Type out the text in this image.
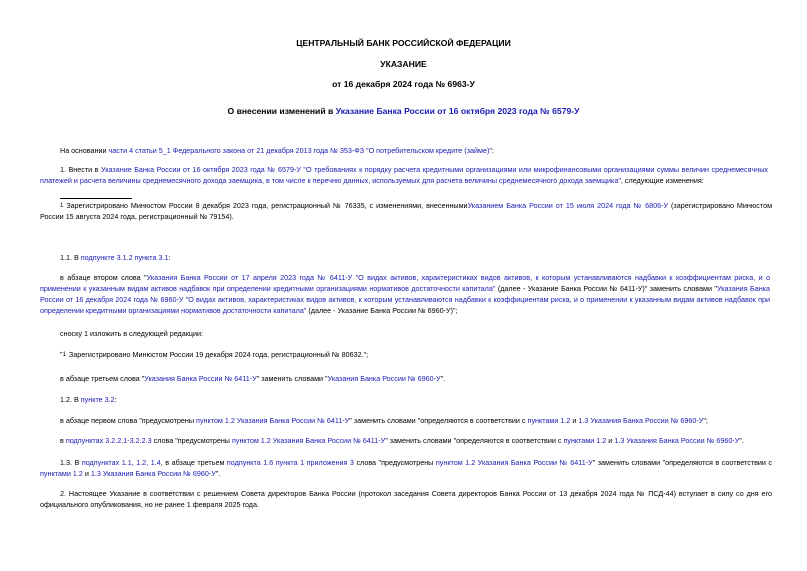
ЦЕНТРАЛЬНЫЙ БАНК РОССИЙСКОЙ ФЕДЕРАЦИИ
УКАЗАНИЕ
от 16 декабря 2024 года № 6963-У
О внесении изменений в Указание Банка России от 16 октября 2023 года № 6579-У
На основании части 4 статьи 5_1 Федерального закона от 21 декабря 2013 года № 353-ФЗ "О потребительском кредите (займе)":
1. Внести в Указание Банка России от 16 октября 2023 года № 6579-У "О требованиях к порядку расчета кредитными организациями или микрофинансовыми организациями суммы величин среднемесячных платежей и расчета величины среднемесячного дохода заемщика, в том числе к перечню данных, используемых для расчета величины среднемесячного дохода заемщика", следующие изменения:
1 Зарегистрировано Минюстом России 8 декабря 2023 года, регистрационный № 76335, с изменениями, внесеннымиУказанием Банка России от 15 июля 2024 года № 6806-У (зарегистрировано Минюстом России 15 августа 2024 года, регистрационный № 79154).
1.1. В подпункте 3.1.2 пункта 3.1:
в абзаце втором слова "Указания Банка России от 17 апреля 2023 года № 6411-У "О видах активов, характеристиках видов активов, к которым устанавливаются надбавки к коэффициентам риска, и о применении к указанным видам активов надбавок при определении кредитными организациями нормативов достаточности капитала" (далее - Указание Банка России № 6411-У)" заменить словами "Указания Банка России от 16 декабря 2024 года № 6960-У "О видах активов, характеристиках видов активов, к которым устанавливаются надбавки к коэффициентам риска, и о применении к указанным видам активов надбавок при определении кредитными организациями нормативов достаточности капитала" (далее - Указание Банка России № 6960-У)";
сноску 1 изложить в следующей редакции:
"1 Зарегистрировано Минюстом России 19 декабря 2024 года, регистрационный № 80632.";
в абзаце третьем слова "Указания Банка России № 6411-У" заменить словами "Указания Банка России № 6960-У".
1.2. В пункте 3.2:
в абзаце первом слова "предусмотрены пунктом 1.2 Указания Банка России № 6411-У" заменить словами "определяются в соответствии с пунктами 1.2 и 1.3 Указания Банка России № 6960-У";
в подпунктах 3.2.2.1-3.2.2.3 слова "предусмотрены пунктом 1.2 Указания Банка России № 6411-У" заменить словами "определяются в соответствии с пунктами 1.2 и 1.3 Указания Банка России № 6960-У".
1.3. В подпунктах 1.1, 1.2, 1.4, в абзаце третьем подпункта 1.6 пункта 1 приложения 3 слова "предусмотрены пунктом 1.2 Указания Банка России № 6411-У" заменить словами "определяются в соответствии с пунктами 1.2 и 1.3 Указания Банка России № 6960-У".
2. Настоящее Указание в соответствии с решением Совета директоров Банка России (протокол заседания Совета директоров Банка России от 13 декабря 2024 года № ПСД-44) вступает в силу со дня его официального опубликования, но не ранее 1 февраля 2025 года.
